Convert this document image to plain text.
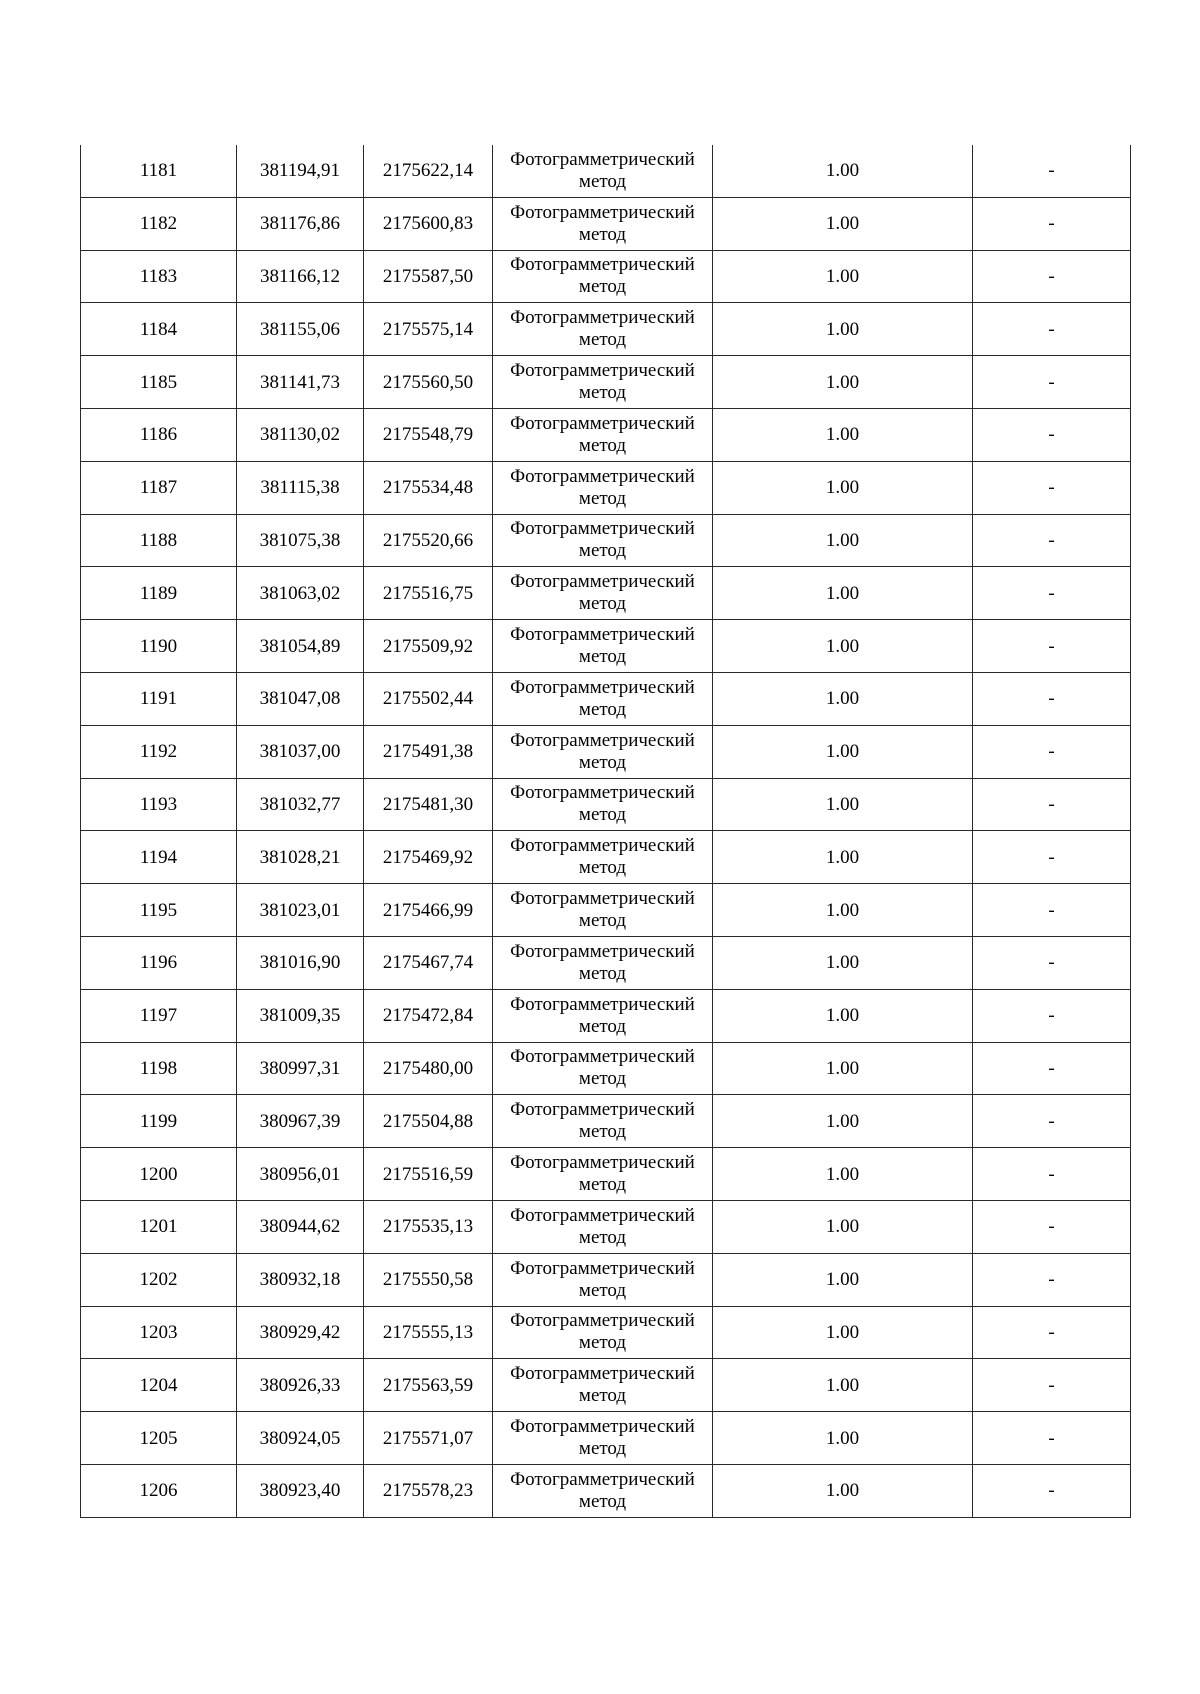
1181	381194,91	2175622,14	Фотограмметрический метод	1.00	-
1182	381176,86	2175600,83	Фотограмметрический метод	1.00	-
1183	381166,12	2175587,50	Фотограмметрический метод	1.00	-
1184	381155,06	2175575,14	Фотограмметрический метод	1.00	-
1185	381141,73	2175560,50	Фотограмметрический метод	1.00	-
1186	381130,02	2175548,79	Фотограмметрический метод	1.00	-
1187	381115,38	2175534,48	Фотограмметрический метод	1.00	-
1188	381075,38	2175520,66	Фотограмметрический метод	1.00	-
1189	381063,02	2175516,75	Фотограмметрический метод	1.00	-
1190	381054,89	2175509,92	Фотограмметрический метод	1.00	-
1191	381047,08	2175502,44	Фотограмметрический метод	1.00	-
1192	381037,00	2175491,38	Фотограмметрический метод	1.00	-
1193	381032,77	2175481,30	Фотограмметрический метод	1.00	-
1194	381028,21	2175469,92	Фотограмметрический метод	1.00	-
1195	381023,01	2175466,99	Фотограмметрический метод	1.00	-
1196	381016,90	2175467,74	Фотограмметрический метод	1.00	-
1197	381009,35	2175472,84	Фотограмметрический метод	1.00	-
1198	380997,31	2175480,00	Фотограмметрический метод	1.00	-
1199	380967,39	2175504,88	Фотограмметрический метод	1.00	-
1200	380956,01	2175516,59	Фотограмметрический метод	1.00	-
1201	380944,62	2175535,13	Фотограмметрический метод	1.00	-
1202	380932,18	2175550,58	Фотограмметрический метод	1.00	-
1203	380929,42	2175555,13	Фотограмметрический метод	1.00	-
1204	380926,33	2175563,59	Фотограмметрический метод	1.00	-
1205	380924,05	2175571,07	Фотограмметрический метод	1.00	-
1206	380923,40	2175578,23	Фотограмметрический метод	1.00	-
